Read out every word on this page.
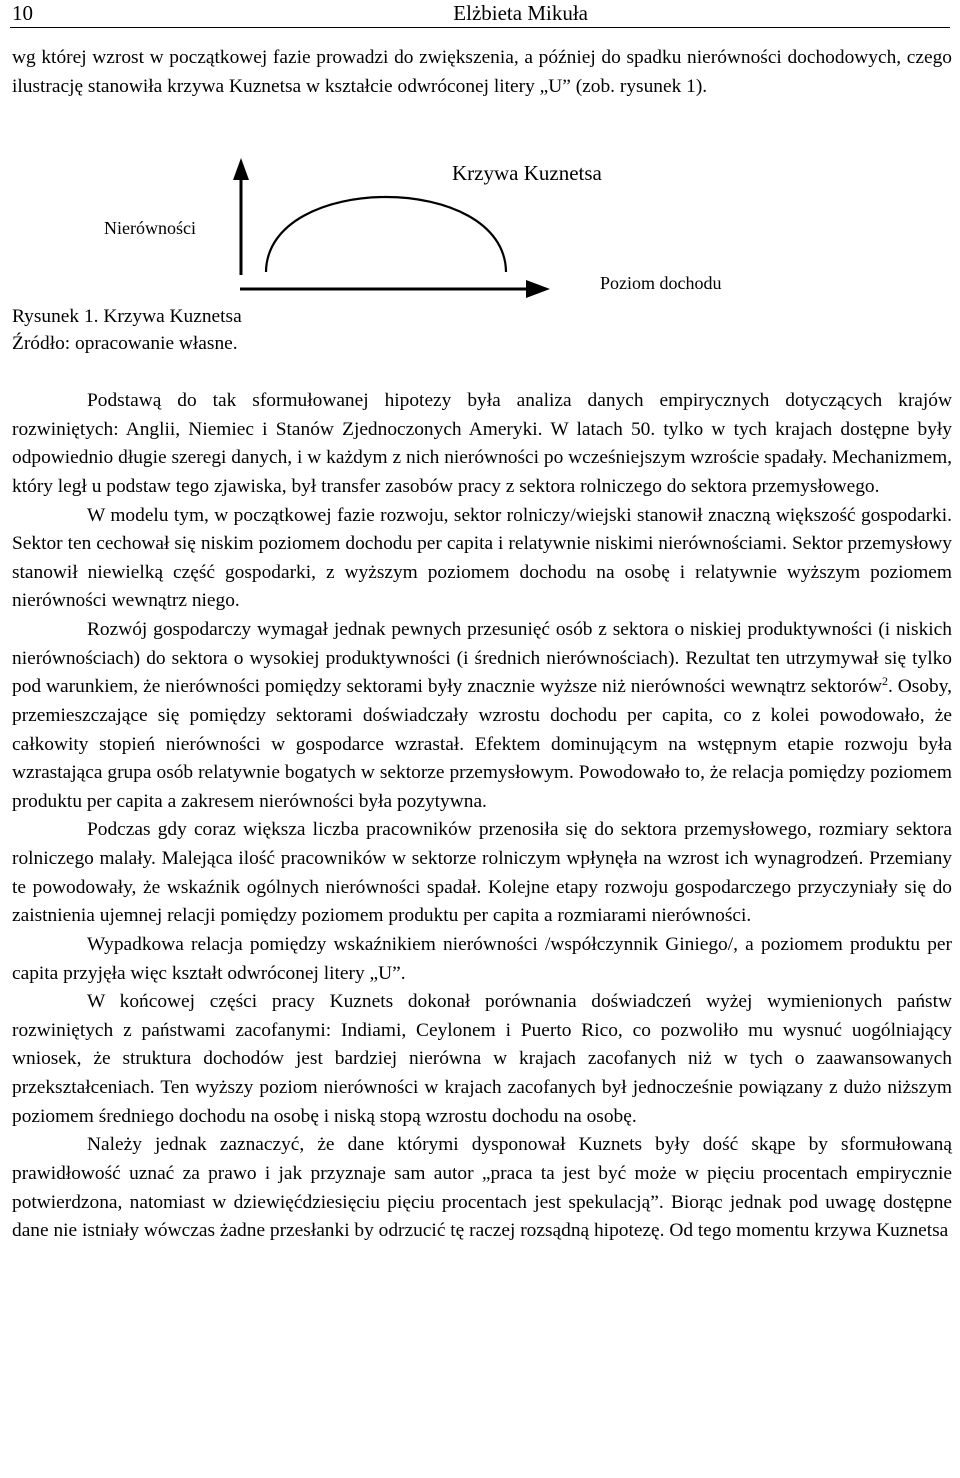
10	Elżbieta Mikuła

wg której wzrost w początkowej fazie prowadzi do zwiększenia, a później do spadku nierówności dochodowych, czego ilustrację stanowiła krzywa Kuznetsa w kształcie odwróconej litery „U” (zob. rysunek 1).

Krzywa Kuznetsa
Nierówności
Poziom dochodu
Rysunek 1. Krzywa Kuznetsa
Źródło: opracowanie własne.

Podstawą do tak sformułowanej hipotezy była analiza danych empirycznych dotyczących krajów rozwiniętych: Anglii, Niemiec i Stanów Zjednoczonych Ameryki. W latach 50. tylko w tych krajach dostępne były odpowiednio długie szeregi danych, i w każdym z nich nierówności po wcześniejszym wzroście spadały. Mechanizmem, który legł u podstaw tego zjawiska, był transfer zasobów pracy z sektora rolniczego do sektora przemysłowego.

W modelu tym, w początkowej fazie rozwoju, sektor rolniczy/wiejski stanowił znaczną większość gospodarki. Sektor ten cechował się niskim poziomem dochodu per capita i relatywnie niskimi nierównościami. Sektor przemysłowy stanowił niewielką część gospodarki, z wyższym poziomem dochodu na osobę i relatywnie wyższym poziomem nierówności wewnątrz niego.

Rozwój gospodarczy wymagał jednak pewnych przesunięć osób z sektora o niskiej produktywności (i niskich nierównościach) do sektora o wysokiej produktywności (i średnich nierównościach). Rezultat ten utrzymywał się tylko pod warunkiem, że nierówności pomiędzy sektorami były znacznie wyższe niż nierówności wewnątrz sektorów$^2$. Osoby, przemieszczające się pomiędzy sektorami doświadczały wzrostu dochodu per capita, co z kolei powodowało, że całkowity stopień nierówności w gospodarce wzrastał. Efektem dominującym na wstępnym etapie rozwoju była wzrastająca grupa osób relatywnie bogatych w sektorze przemysłowym. Powodowało to, że relacja pomiędzy poziomem produktu per capita a zakresem nierówności była pozytywna.

Podczas gdy coraz większa liczba pracowników przenosiła się do sektora przemysłowego, rozmiary sektora rolniczego malały. Malejąca ilość pracowników w sektorze rolniczym wpłynęła na wzrost ich wynagrodzeń. Przemiany te powodowały, że wskaźnik ogólnych nierówności spadał. Kolejne etapy rozwoju gospodarczego przyczyniały się do zaistnienia ujemnej relacji pomiędzy poziomem produktu per capita a rozmiarami nierówności.

Wypadkowa relacja pomiędzy wskaźnikiem nierówności /współczynnik Giniego/, a poziomem produktu per capita przyjęła więc kształt odwróconej litery „U”.

W końcowej części pracy Kuznets dokonał porównania doświadczeń wyżej wymienionych państw rozwiniętych z państwami zacofanymi: Indiami, Ceylonem i Puerto Rico, co pozwoliło mu wysnuć uogólniający wniosek, że struktura dochodów jest bardziej nierówna w krajach zacofanych niż w tych o zaawansowanych przekształceniach. Ten wyższy poziom nierówności w krajach zacofanych był jednocześnie powiązany z dużo niższym poziomem średniego dochodu na osobę i niską stopą wzrostu dochodu na osobę.

Należy jednak zaznaczyć, że dane którymi dysponował Kuznets były dość skąpe by sformułowaną prawidłowość uznać za prawo i jak przyznaje sam autor „praca ta jest być może w pięciu procentach empirycznie potwierdzona, natomiast w dziewięćdziesięciu pięciu procentach jest spekulacją”. Biorąc jednak pod uwagę dostępne dane nie istniały wówczas żadne przesłanki by odrzucić tę raczej rozsądną hipotezę. Od tego momentu krzywa Kuznetsa
